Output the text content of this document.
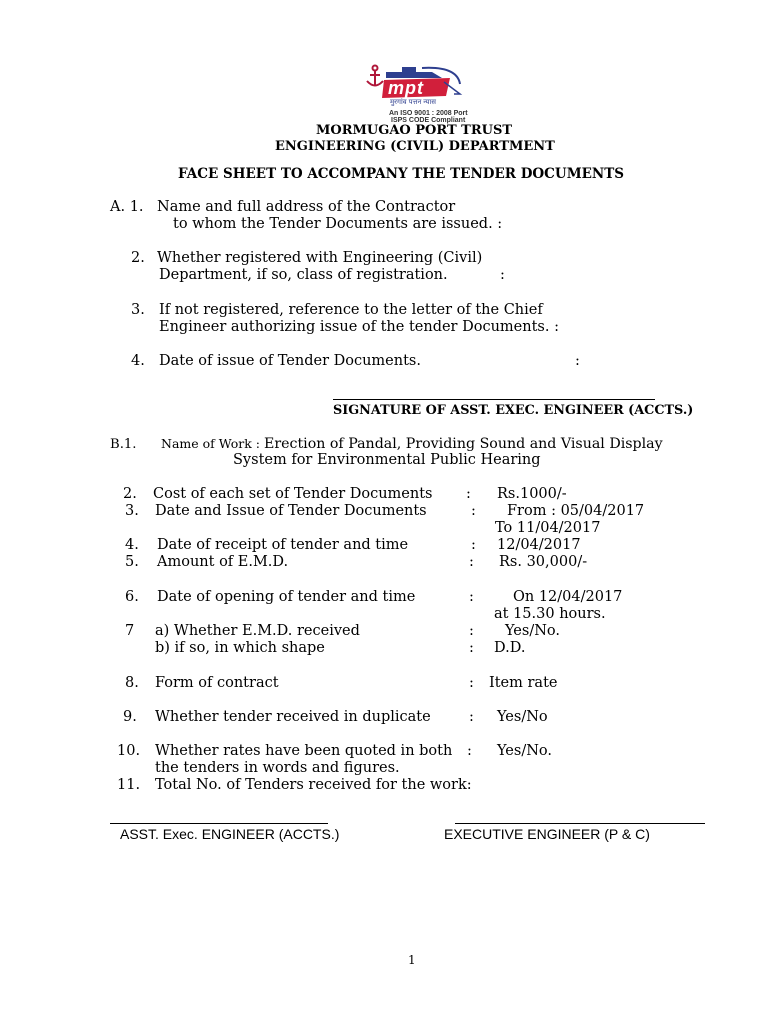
mpt
मुरगांव पत्तन न्यास
An ISO 9001 : 2008 Port
ISPS CODE Compliant
MORMUGAO PORT TRUST
ENGINEERING (CIVIL) DEPARTMENT
FACE SHEET TO ACCOMPANY THE TENDER DOCUMENTS
A. 1. Name and full address of the Contractor
to whom the Tender Documents are issued. :
2. Whether registered with Engineering (Civil)
Department, if so, class of registration.	:
3. If not registered, reference to the letter of the Chief
Engineer authorizing issue of the tender Documents. :
4. Date of issue of Tender Documents.	:
SIGNATURE OF ASST. EXEC. ENGINEER (ACCTS.)
B.1. Name of Work : Erection of Pandal, Providing Sound and Visual Display
System for Environmental Public Hearing
2. Cost of each set of Tender Documents : Rs.1000/-
3. Date and Issue of Tender Documents	: From : 05/04/2017
To 11/04/2017
4. Date of receipt of tender and time	: 12/04/2017
5. Amount of E.M.D.	: Rs. 30,000/-
6. Date of opening of tender and time	:	On 12/04/2017
at 15.30 hours.
7 a) Whether E.M.D. received	: Yes/No.
b) if so, in which shape	: D.D.
8. Form of contract	: Item rate
9. Whether tender received in duplicate	: Yes/No
10. Whether rates have been quoted in both : Yes/No.
the tenders in words and figures.
11. Total No. of Tenders received for the work:
ASST. Exec. ENGINEER (ACCTS.)	EXECUTIVE ENGINEER (P & C)
1
